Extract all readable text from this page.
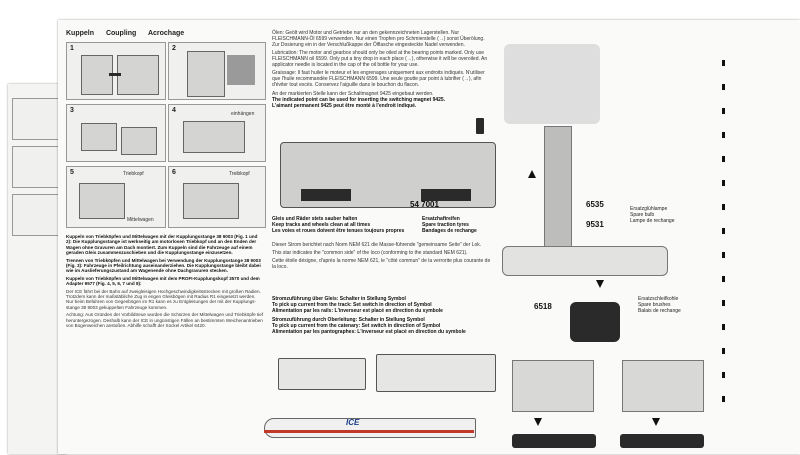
Kuppeln Coupling Acrochage
1	2
3	4	einhängen
5	Triebkopf
Mittelwagen
6	Treibkopf
Kuppeln von Triebköpfen und Mittelwagen mit der Kupplungsstange 38 9003 (Fig. 1 und 2): Die Kupplungsstange ist werkseitig am motorlosen Triebkopf und an den Enden der Wagen ohne Gravuren am Dach montiert. Zum Kuppeln sind die Fahrzeuge auf einem geraden Gleis zusammenzuschieben und die Kupplungsstange einzusetzen.
Trennen von Triebköpfen und Mittelwagen bei Verwendung der Kupplungsstange 38 9003 (Fig. 3): Fahrzeuge in Pfeilrichtung auseinanderziehen. Die Kupplungsstange bleibt dabei wie im Auslieferungszustand am Wagenende ohne Dachgravuren stecken.
Kuppeln von Triebköpfen und Mittelwagen mit dem PROFI-Kupplungskopf 3570 und dem Adapter 9577 (Fig. 4, 5, 6, 7 und 8):
Der ICE fährt bei der Bahn auf zweigleisigen Hochgeschwindigkeitsstrecken mit großen Radien. Trotzdem kann der maßstäbliche Zug in engen Gleisbögen mit Radius R1 eingesetzt werden. Nur beim Befahren von Gegenbögen im R1 kann es zu Entgleisungen der mit der Kupplungsstange 38 9003 gekuppelten Fahrzeuge kommen.
Achtung: Aus Gründen der Vorbildtreue wurden die Schürzen der Mittelwagen und Triebköpfe tief heruntergezogen. Deshalb kann der ICE in ungünstigen Fällen an bestimmten Weichenantrieben von Bogenweichen anstoßen. Abhilfe schafft der Sockel Artikel 6420.
Ölen: Geölt wird Motor und Getriebe nur an den gekennzeichneten Lagerstellen. Nur FLEISCHMANN-Öl 6599 verwenden. Nur einen Tropfen pro Schmierstelle (→) sonst Überölung. Zur Dosierung ein in der Verschlußkappe der Ölflasche eingesteckte Nadel verwenden.
Lubrication: The motor and gearbox should only be oiled at the bearing points marked. Only use FLEISCHMANN oil 6599. Only put a tiny drop in each place (→), otherwise it will be overoiled. An applicator needle is located in the cap of the oil bottle for your use.
Graissage: Il faut huiler le moteur et les engrenages uniquement aux endroits indiqués. N'utiliser que l'huile recommandée FLEISCHMANN 6599. Une seule goutte par point à lubrifier (→), afin d'éviter tout excès. Conservez l'aiguille dans le bouchon du flacon.
An der markierten Stelle kann der Schaltmagnet 9425 eingebaut werden.
The indicated point can be used for inserting the switching magnet 9425.
L'aimant permanent 9425 peut être monté à l'endroit indiqué.
54 7001
Gleis und Räder stets sauber halten
Keep tracks and wheels clean at all times
Les voies et roues doivent être tenues toujours propres
Ersatzhaftreifen
Spare traction tyres
Bandages de rechange
Dieser Strom berichtet nach Norm NEM 621 die Masse-führende "gemeinsame Seite" der Lok.
This star indicates the "common side" of the loco (conforming to the standard NEM 621).
Cette étoile désigne, d'après la norme NEM 621, le "côté commun" de la verrorite plus courante de la loco.
Stromzuführung über Gleis: Schalter in Stellung Symbol
To pick up current from the track: Set switch in direction of Symbol
Alimentation par les rails: L'inverseur est placé en direction du symbole
Stromzuführung durch Oberleitung: Schalter in Stellung Symbol
To pick up current from the catenary: Set switch in direction of Symbol
Alimentation par les pantographes: L'inverseur est placé en direction du symbole
ICE
6535
9531
Ersatzglühlampe
Spare bulb
Lampe de rechange
6518
Ersatzschleifkohle
Spare brushes
Balais de rechange
